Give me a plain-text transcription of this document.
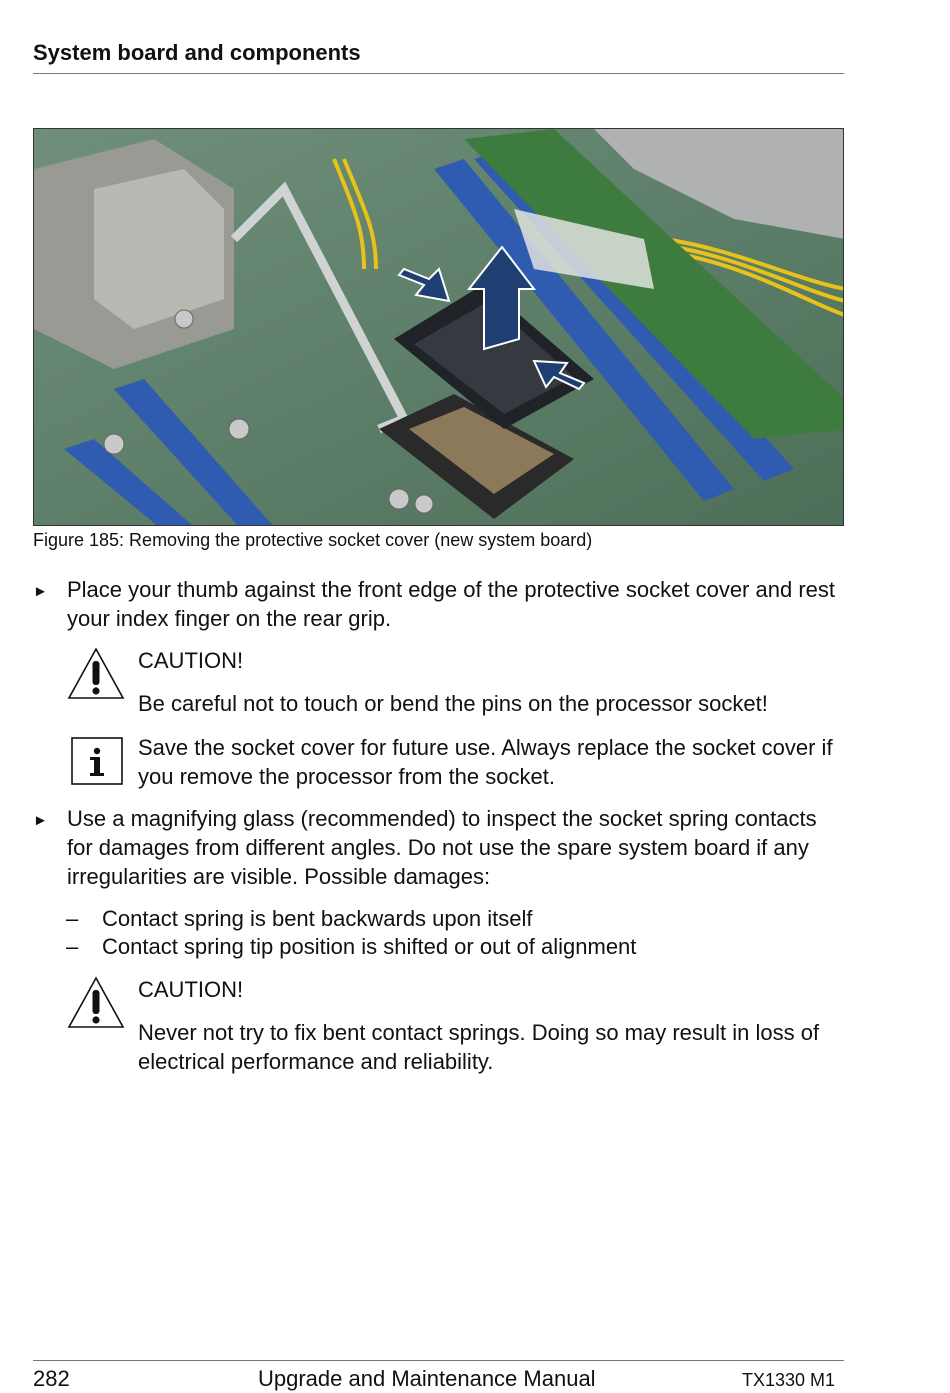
System board and components
Figure 185: Removing the protective socket cover (new system board)
► Place your thumb against the front edge of the protective socket cover and rest your index finger on the rear grip.
CAUTION!
Be careful not to touch or bend the pins on the processor socket!
Save the socket cover for future use. Always replace the socket cover if you remove the processor from the socket.
► Use a magnifying glass (recommended) to inspect the socket spring contacts for damages from different angles. Do not use the spare system board if any irregularities are visible. Possible damages:
– Contact spring is bent backwards upon itself
– Contact spring tip position is shifted or out of alignment
CAUTION!
Never not try to fix bent contact springs. Doing so may result in loss of electrical performance and reliability.
282	Upgrade and Maintenance Manual	TX1330 M1
